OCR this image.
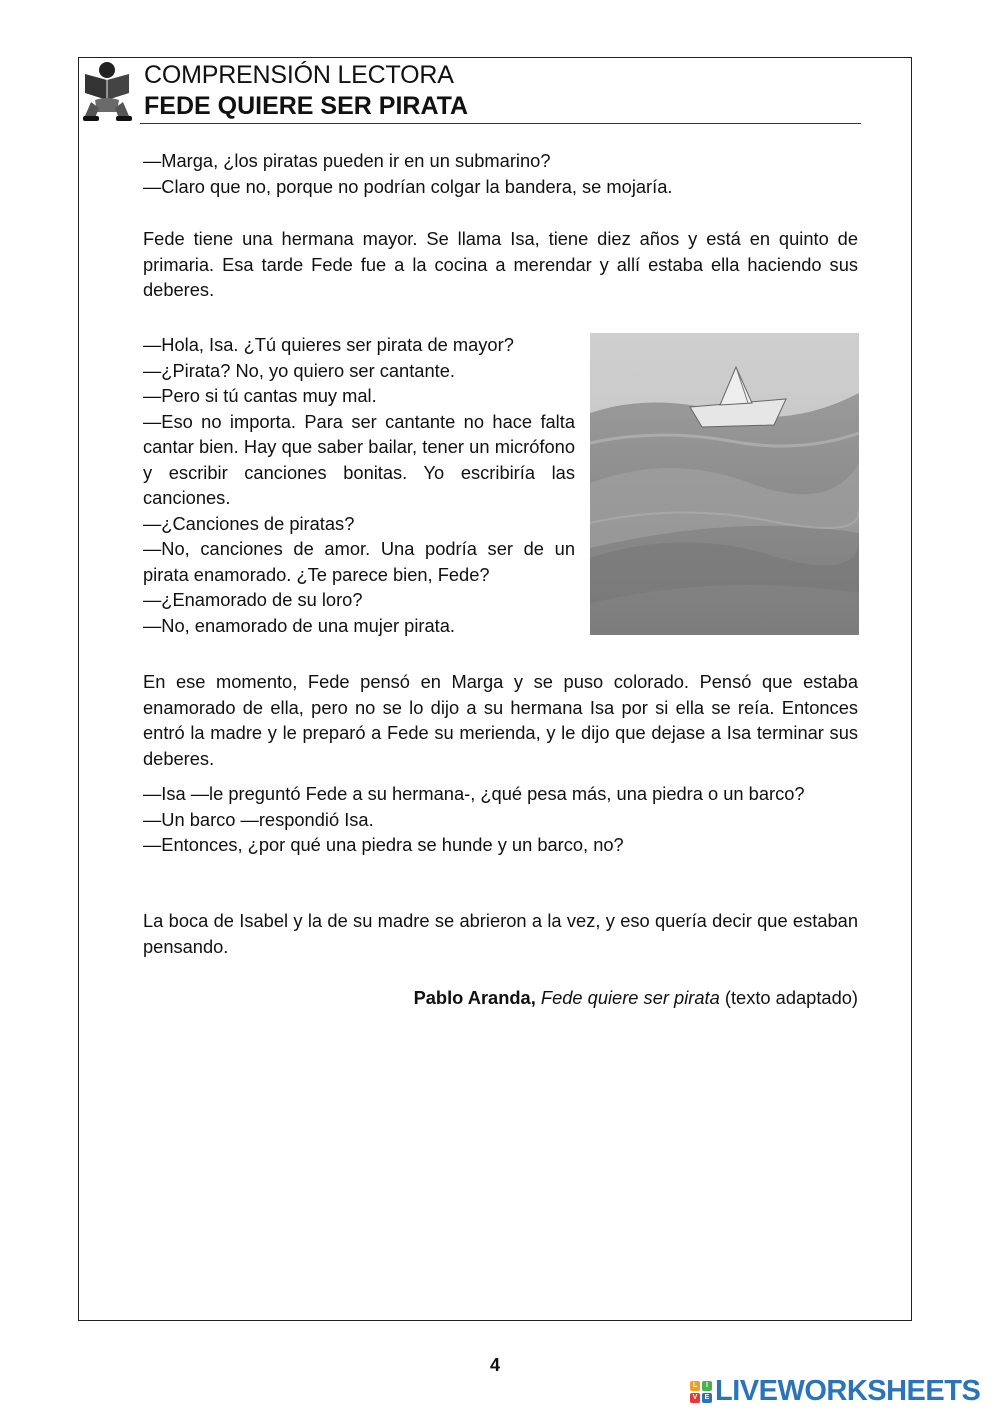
COMPRENSIÓN LECTORA
FEDE QUIERE SER PIRATA

—Marga, ¿los piratas pueden ir en un submarino?

—Claro que no, porque no podrían colgar la bandera, se mojaría.

Fede tiene una hermana mayor. Se llama Isa, tiene diez años y está en quinto de primaria. Esa tarde Fede fue a la cocina a merendar y allí estaba ella haciendo sus deberes.

—Hola, Isa. ¿Tú quieres ser pirata de mayor?

—¿Pirata? No, yo quiero ser cantante.

—Pero si tú cantas muy mal.

—Eso no importa. Para ser cantante no hace falta cantar bien. Hay que saber bailar, tener un micrófono y escribir canciones bonitas. Yo escribiría las canciones.

—¿Canciones de piratas?

—No, canciones de amor. Una podría ser de un pirata enamorado. ¿Te parece bien, Fede?

—¿Enamorado de su loro?

—No, enamorado de una mujer pirata.

En ese momento, Fede pensó en Marga y se puso colorado. Pensó que estaba enamorado de ella, pero no se lo dijo a su hermana Isa por si ella se reía. Entonces entró la madre y le preparó a Fede su merienda, y le dijo que dejase a Isa terminar sus deberes.

—Isa —le preguntó Fede a su hermana-, ¿qué pesa más, una piedra o un barco?

—Un barco —respondió Isa.

—Entonces, ¿por qué una piedra se hunde y un barco, no?

La boca de Isabel y la de su madre se abrieron a la vez, y eso quería decir que estaban pensando.

Pablo Aranda, Fede quiere ser pirata (texto adaptado)
4
L	I
V	E LIVEWORKSHEETS
